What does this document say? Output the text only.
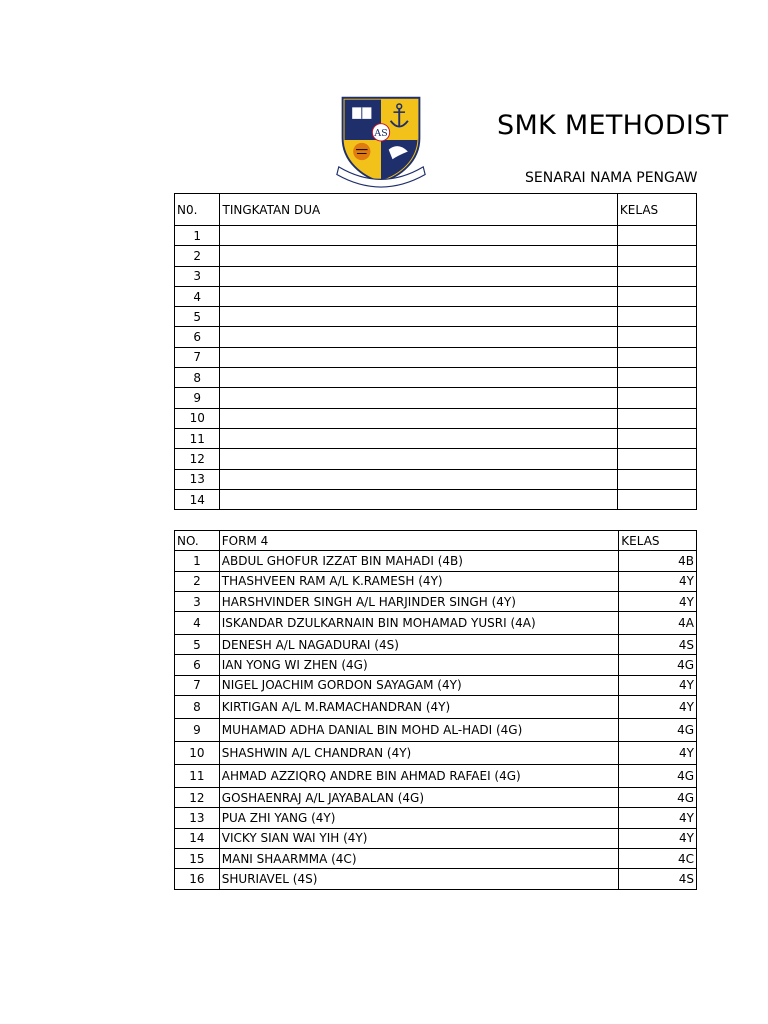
AS	SMK METHODIST
SENARAI NAMA PENGAW
N0.	TINGKATAN DUA	KELAS
1		
2		
3		
4		
5		
6		
7		
8		
9		
10		
11		
12		
13		
14		
NO.	FORM 4	KELAS
1	ABDUL GHOFUR IZZAT BIN MAHADI (4B)	4B
2	THASHVEEN RAM A/L K.RAMESH (4Y)	4Y
3	HARSHVINDER SINGH A/L HARJINDER SINGH (4Y)	4Y
4	ISKANDAR DZULKARNAIN BIN MOHAMAD YUSRI (4A)	4A
5	DENESH A/L NAGADURAI (4S)	4S
6	IAN YONG WI ZHEN (4G)	4G
7	NIGEL JOACHIM GORDON SAYAGAM (4Y)	4Y
8	KIRTIGAN A/L M.RAMACHANDRAN (4Y)	4Y
9	MUHAMAD ADHA DANIAL BIN MOHD AL-HADI (4G)	4G
10	SHASHWIN A/L CHANDRAN (4Y)	4Y
11	AHMAD AZZIQRQ ANDRE BIN AHMAD RAFAEI (4G)	4G
12	GOSHAENRAJ A/L JAYABALAN (4G)	4G
13	PUA ZHI YANG (4Y)	4Y
14	VICKY SIAN WAI YIH (4Y)	4Y
15	MANI SHAARMMA (4C)	4C
16	SHURIAVEL (4S)	4S
